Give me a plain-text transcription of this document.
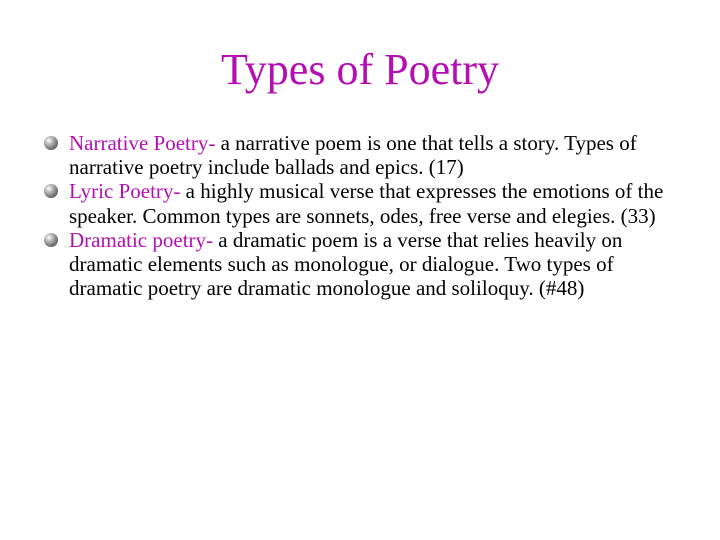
Types of Poetry
Narrative Poetry- a narrative poem is one that tells a story. Types of narrative poetry include ballads and epics. (17)
Lyric Poetry- a highly musical verse that expresses the emotions of the speaker. Common types are sonnets, odes, free verse and elegies. (33)
Dramatic poetry- a dramatic poem is a verse that relies heavily on dramatic elements such as monologue, or dialogue. Two types of dramatic poetry are dramatic monologue and soliloquy. (#48)
